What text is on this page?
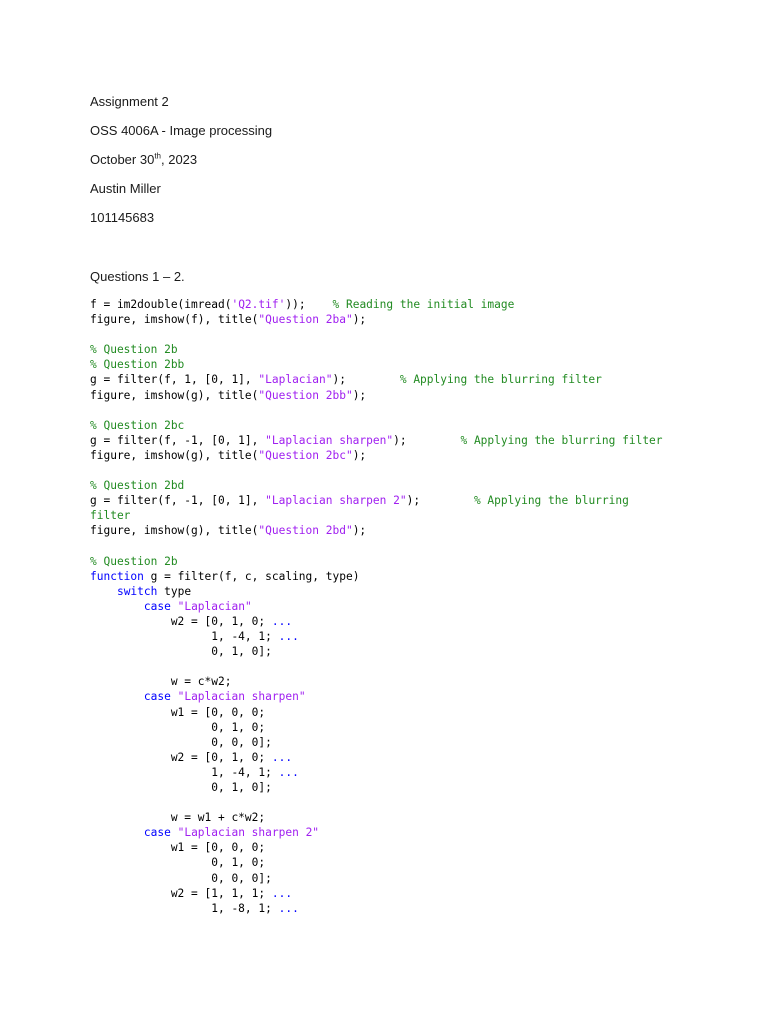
Assignment 2
OSS 4006A - Image processing
October 30th, 2023
Austin Miller
101145683
Questions 1 – 2.
f = im2double(imread('Q2.tif'));    % Reading the initial image
figure, imshow(f), title("Question 2ba");

% Question 2b
% Question 2bb
g = filter(f, 1, [0, 1], "Laplacian");        % Applying the blurring filter
figure, imshow(g), title("Question 2bb");

% Question 2bc
g = filter(f, -1, [0, 1], "Laplacian sharpen");        % Applying the blurring filter
figure, imshow(g), title("Question 2bc");

% Question 2bd
g = filter(f, -1, [0, 1], "Laplacian sharpen 2");        % Applying the blurring
filter
figure, imshow(g), title("Question 2bd");

% Question 2b
function g = filter(f, c, scaling, type)
switch type
case "Laplacian"
w2 = [0, 1, 0; ...
1, -4, 1; ...
0, 1, 0];

w = c*w2;
case "Laplacian sharpen"
w1 = [0, 0, 0;
0, 1, 0;
0, 0, 0];
w2 = [0, 1, 0; ...
1, -4, 1; ...
0, 1, 0];

w = w1 + c*w2;
case "Laplacian sharpen 2"
w1 = [0, 0, 0;
0, 1, 0;
0, 0, 0];
w2 = [1, 1, 1; ...
1, -8, 1; ...
